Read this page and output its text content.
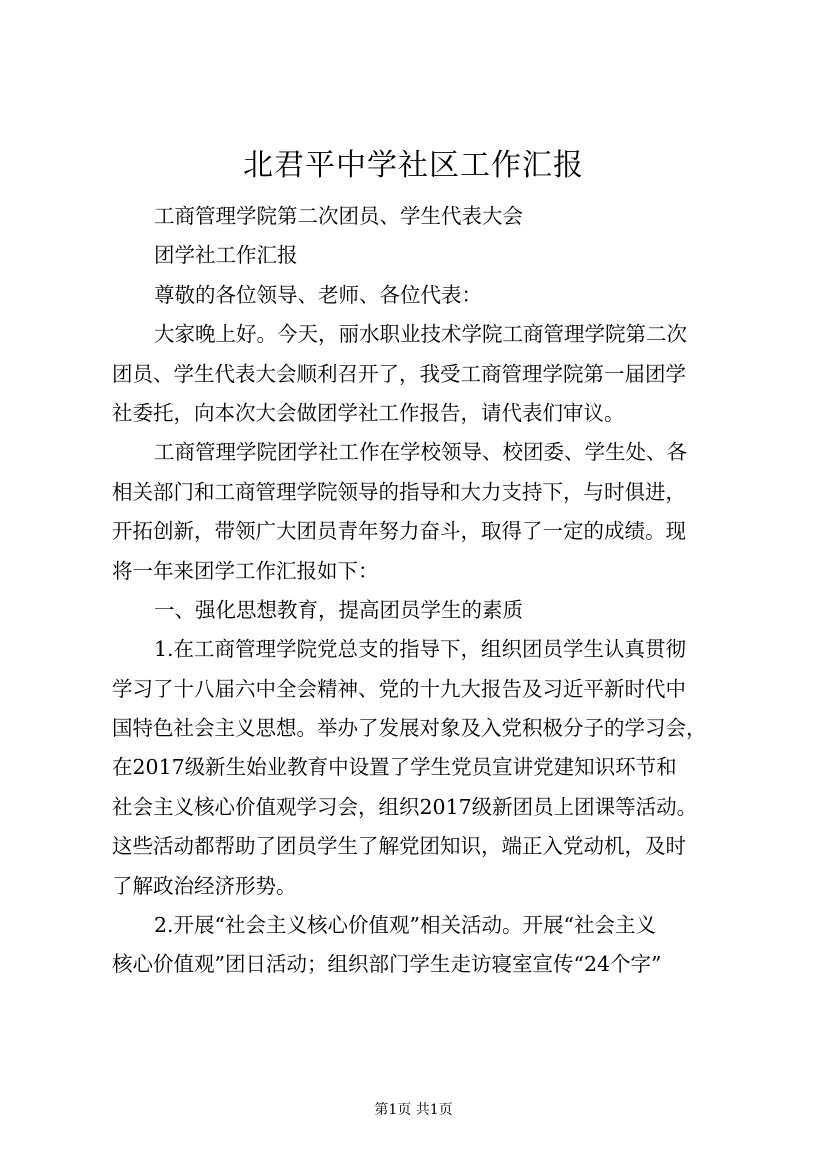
北君平中学社区工作汇报
工商管理学院第二次团员、学生代表大会
团学社工作汇报
尊敬的各位领导、老师、各位代表：
大家晚上好。今天，丽水职业技术学院工商管理学院第二次
团员、学生代表大会顺利召开了，我受工商管理学院第一届团学
社委托，向本次大会做团学社工作报告，请代表们审议。
工商管理学院团学社工作在学校领导、校团委、学生处、各
相关部门和工商管理学院领导的指导和大力支持下，与时俱进，
开拓创新，带领广大团员青年努力奋斗，取得了一定的成绩。现
将一年来团学工作汇报如下：
一、强化思想教育，提高团员学生的素质
1.在工商管理学院党总支的指导下，组织团员学生认真贯彻
学习了十八届六中全会精神、党的十九大报告及习近平新时代中
国特色社会主义思想。举办了发展对象及入党积极分子的学习会，
在2017级新生始业教育中设置了学生党员宣讲党建知识环节和
社会主义核心价值观学习会，组织2017级新团员上团课等活动。
这些活动都帮助了团员学生了解党团知识，端正入党动机，及时
了解政治经济形势。
2.开展“社会主义核心价值观”相关活动。开展“社会主义
核心价值观”团日活动；组织部门学生走访寝室宣传“24个字”
第1页 共1页
